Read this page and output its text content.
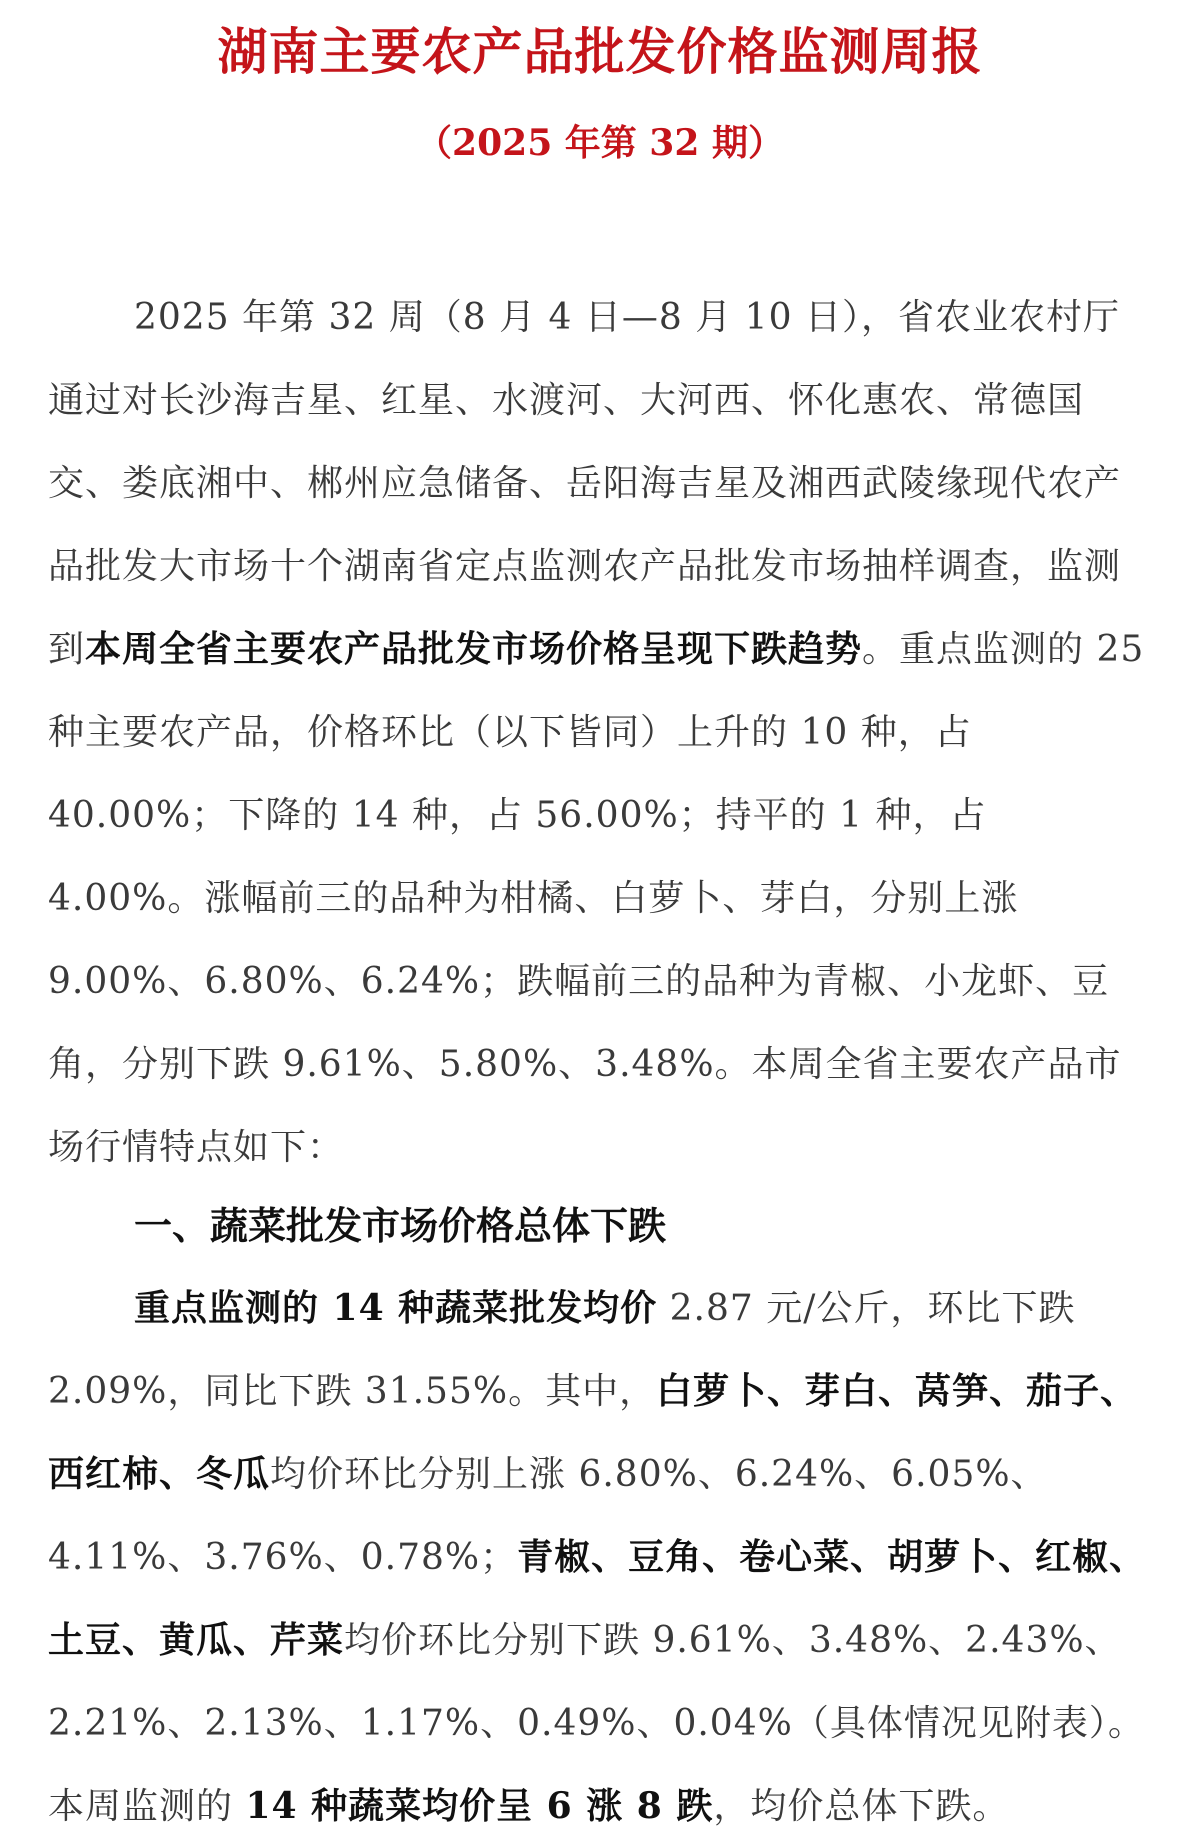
湖南主要农产品批发价格监测周报
（2025 年第 32 期）
2025 年第 32 周（8 月 4 日—8 月 10 日），省农业农村厅通过对长沙海吉星、红星、水渡河、大河西、怀化惠农、常德国交、娄底湘中、郴州应急储备、岳阳海吉星及湘西武陵缘现代农产品批发大市场十个湖南省定点监测农产品批发市场抽样调查，监测到本周全省主要农产品批发市场价格呈现下跌趋势。重点监测的 25 种主要农产品，价格环比（以下皆同）上升的 10 种，占 40.00%；下降的 14 种，占 56.00%；持平的 1 种，占 4.00%。涨幅前三的品种为柑橘、白萝卜、芽白，分别上涨 9.00%、6.80%、6.24%；跌幅前三的品种为青椒、小龙虾、豆角，分别下跌 9.61%、5.80%、3.48%。本周全省主要农产品市场行情特点如下：
一、蔬菜批发市场价格总体下跌
重点监测的 14 种蔬菜批发均价 2.87 元/公斤，环比下跌 2.09%，同比下跌 31.55%。其中，白萝卜、芽白、莴笋、茄子、西红柿、冬瓜均价环比分别上涨 6.80%、6.24%、6.05%、4.11%、3.76%、0.78%；青椒、豆角、卷心菜、胡萝卜、红椒、土豆、黄瓜、芹菜均价环比分别下跌 9.61%、3.48%、2.43%、2.21%、2.13%、1.17%、0.49%、0.04%（具体情况见附表）。本周监测的 14 种蔬菜均价呈 6 涨 8 跌，均价总体下跌。
